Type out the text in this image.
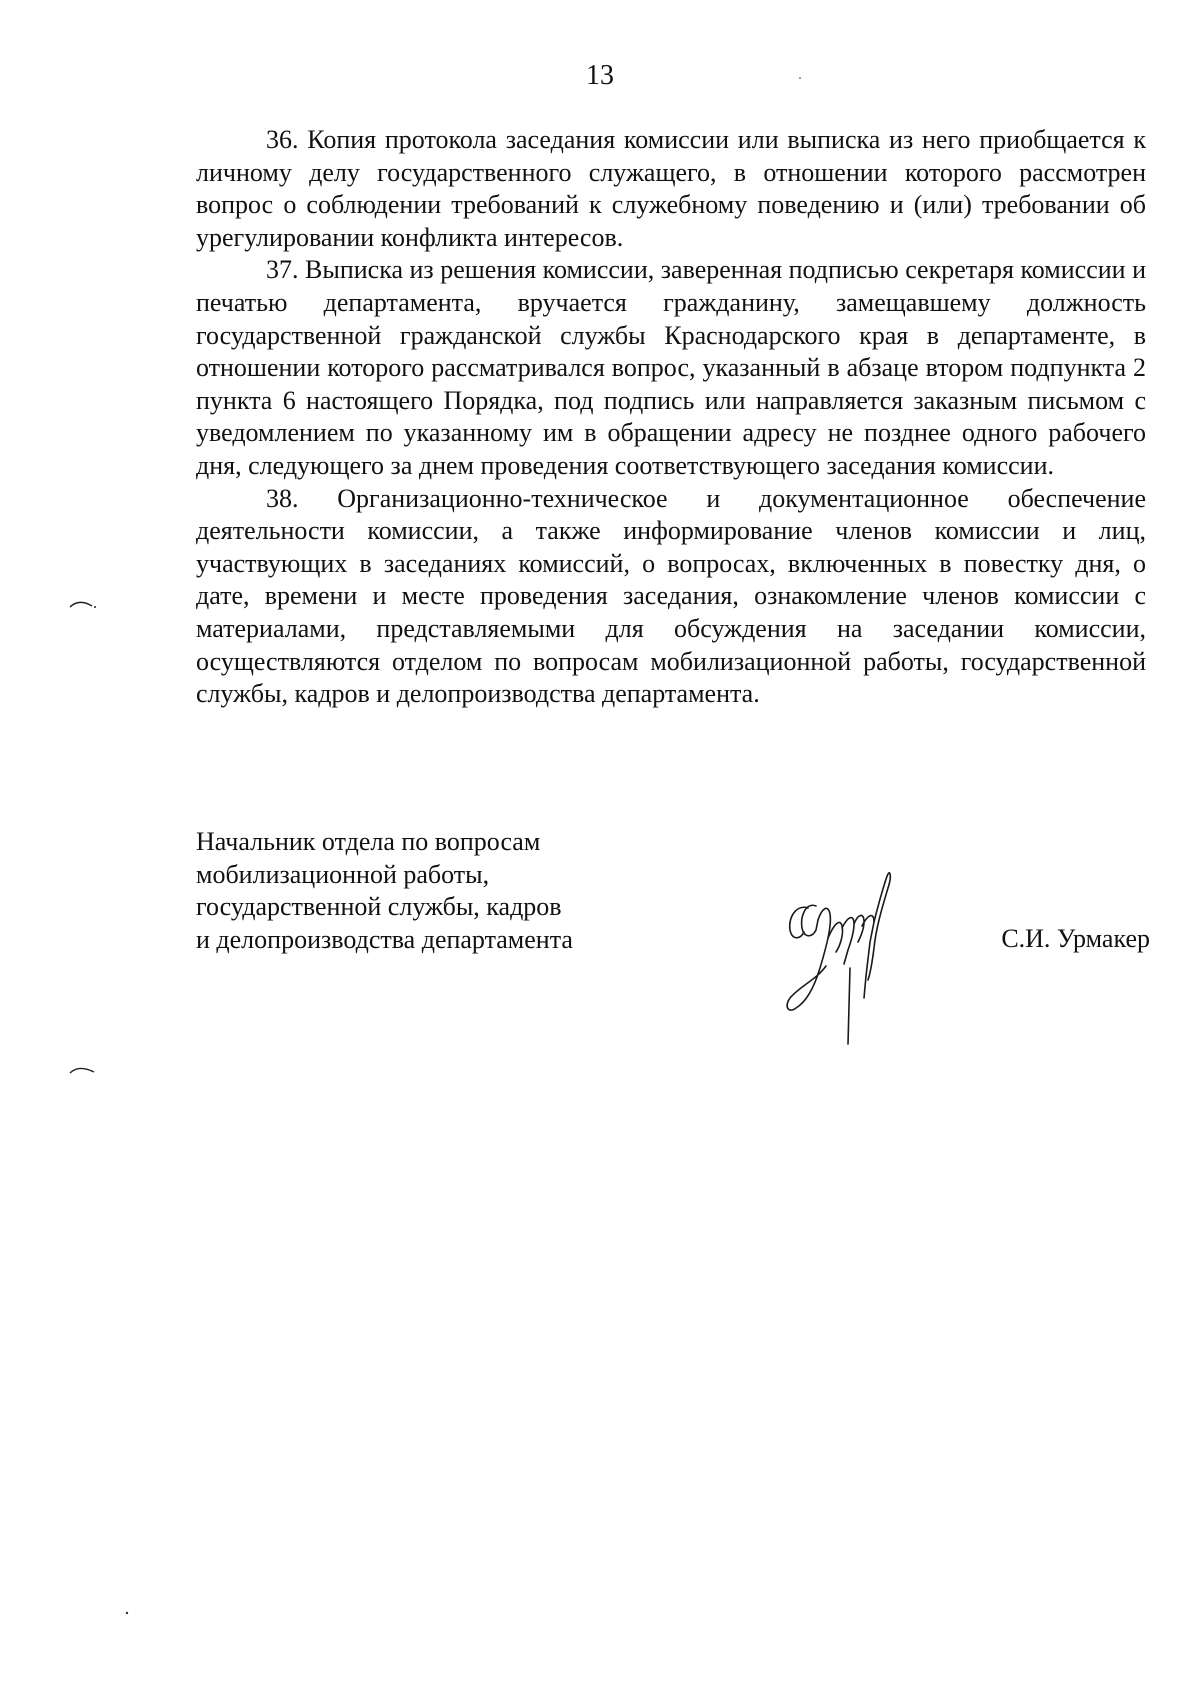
13

36. Копия протокола заседания комиссии или выписка из него приобщается к личному делу государственного служащего, в отношении которого рассмотрен вопрос о соблюдении требований к служебному поведению и (или) требовании об урегулировании конфликта интересов.

37. Выписка из решения комиссии, заверенная подписью секретаря комиссии и печатью департамента, вручается гражданину, замещавшему должность государственной гражданской службы Краснодарского края в департаменте, в отношении которого рассматривался вопрос, указанный в абзаце втором подпункта 2 пункта 6 настоящего Порядка, под подпись или направляется заказным письмом с уведомлением по указанному им в обращении адресу не позднее одного рабочего дня, следующего за днем проведения соответствующего заседания комиссии.

38. Организационно-техническое и документационное обеспечение деятельности комиссии, а также информирование членов комиссии и лиц, участвующих в заседаниях комиссий, о вопросах, включенных в повестку дня, о дате, времени и месте проведения заседания, ознакомление членов комиссии с материалами, представляемыми для обсуждения на заседании комиссии, осуществляются отделом по вопросам мобилизационной работы, государственной службы, кадров и делопроизводства департамента.

Начальник отдела по вопросам
мобилизационной работы,
государственной службы, кадров
и делопроизводства департамента	С.И. Урмакер
